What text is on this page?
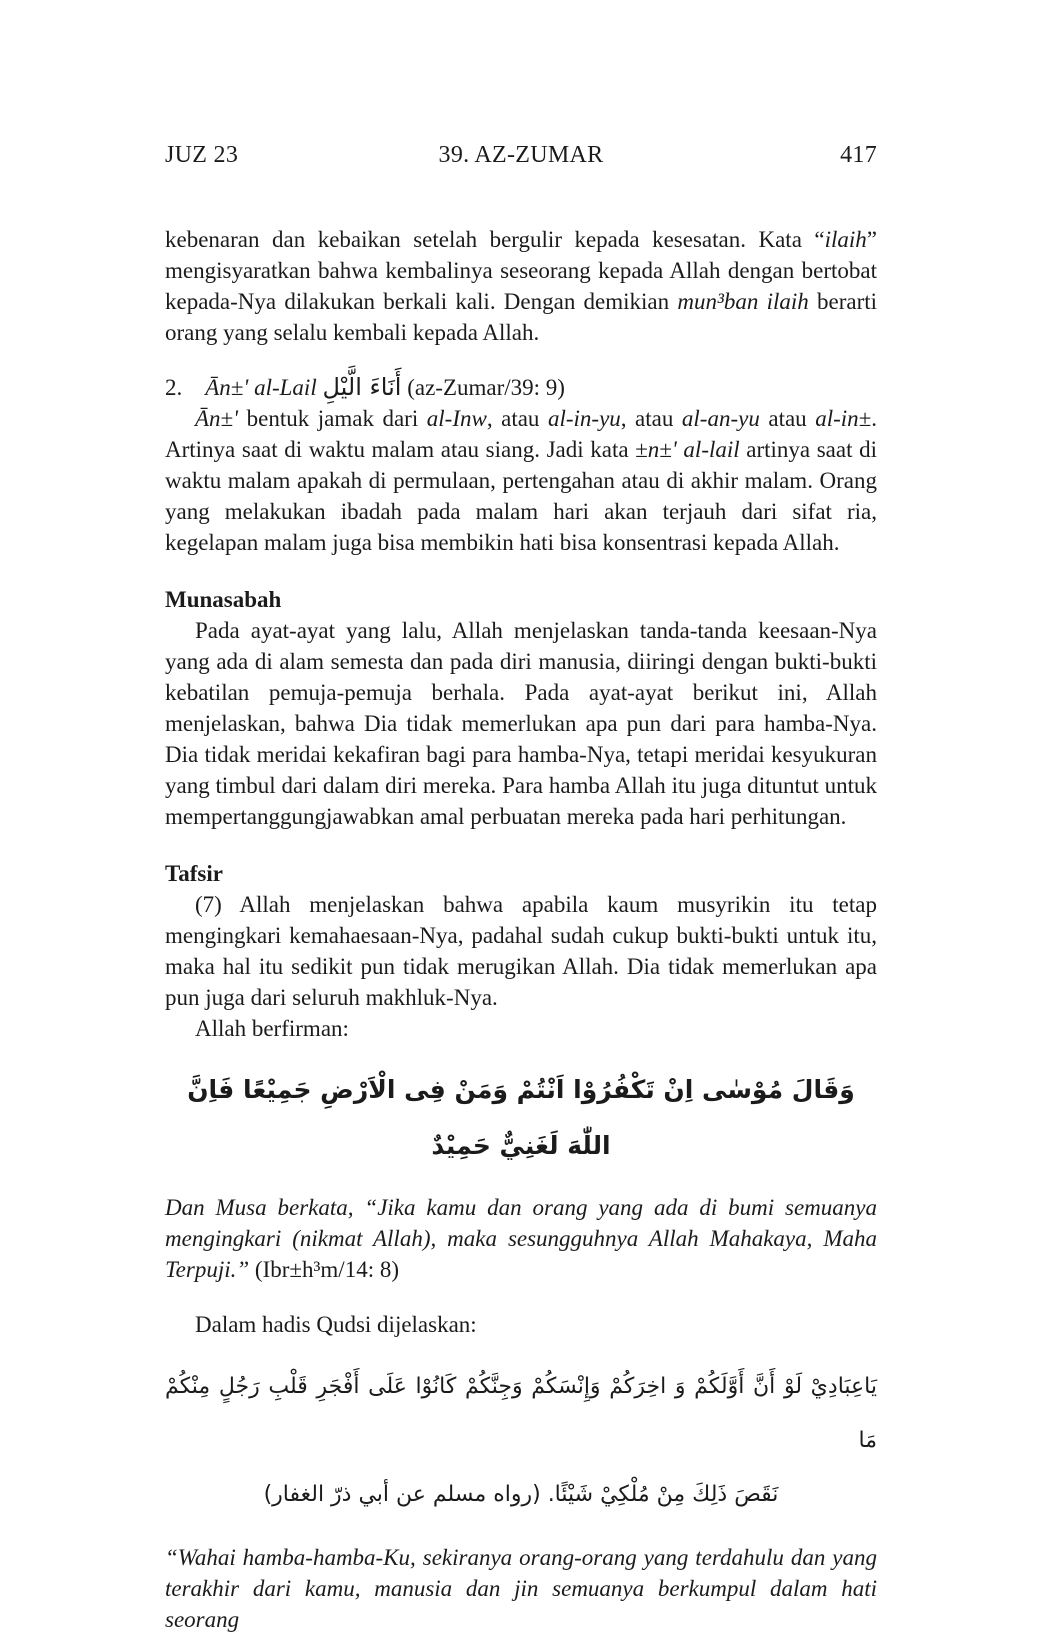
39. AZ-ZUMAR
JUZ 23	417

kebenaran dan kebaikan setelah bergulir kepada kesesatan. Kata “ilaih” mengisyaratkan bahwa kembalinya seseorang kepada Allah dengan bertobat kepada-Nya dilakukan berkali kali. Dengan demikian mun³ban ilaih berarti orang yang selalu kembali kepada Allah.

2.  Ān±' al-Lail أَنَاءَ الَّيْلِ (az-Zumar/39: 9)

Ān±' bentuk jamak dari al-Inw, atau al-in-yu, atau al-an-yu atau al-in±. Artinya saat di waktu malam atau siang. Jadi kata ±n±' al-lail artinya saat di waktu malam apakah di permulaan, pertengahan atau di akhir malam. Orang yang melakukan ibadah pada malam hari akan terjauh dari sifat ria, kegelapan malam juga bisa membikin hati bisa konsentrasi kepada Allah.

Munasabah

Pada ayat-ayat yang lalu, Allah menjelaskan tanda-tanda keesaan-Nya yang ada di alam semesta dan pada diri manusia, diiringi dengan bukti-bukti kebatilan pemuja-pemuja berhala. Pada ayat-ayat berikut ini, Allah menjelaskan, bahwa Dia tidak memerlukan apa pun dari para hamba-Nya. Dia tidak meridai kekafiran bagi para hamba-Nya, tetapi meridai kesyukuran yang timbul dari dalam diri mereka. Para hamba Allah itu juga dituntut untuk mempertanggungjawabkan amal perbuatan mereka pada hari perhitungan.

Tafsir

(7) Allah menjelaskan bahwa apabila kaum musyrikin itu tetap mengingkari kemahaesaan-Nya, padahal sudah cukup bukti-bukti untuk itu, maka hal itu sedikit pun tidak merugikan Allah. Dia tidak memerlukan apa pun juga dari seluruh makhluk-Nya.

Allah berfirman:

وَقَالَ مُوْسٰى اِنْ تَكْفُرُوْا اَنْتُمْ وَمَنْ فِى الْاَرْضِ جَمِيْعًا فَاِنَّ اللّٰهَ لَغَنِيٌّ حَمِيْدٌ

Dan Musa berkata, “Jika kamu dan orang yang ada di bumi semuanya mengingkari (nikmat Allah), maka sesungguhnya Allah Mahakaya, Maha Terpuji.” (Ibr±h³m/14: 8)

Dalam hadis Qudsi dijelaskan:

يَاعِبَادِيْ لَوْ أَنَّ أَوَّلَكُمْ وَ اخِرَكُمْ وَإِنْسَكُمْ وَجِنَّكُمْ كَانُوْا عَلَى أَفْجَرِ قَلْبِ رَجُلٍ مِنْكُمْ مَا
نَقَصَ ذَلِكَ مِنْ مُلْكِيْ شَيْئًا. (رواه مسلم عن أبي ذرّ الغفار)

“Wahai hamba-hamba-Ku, sekiranya orang-orang yang terdahulu dan yang terakhir dari kamu, manusia dan jin semuanya berkumpul dalam hati seorang
